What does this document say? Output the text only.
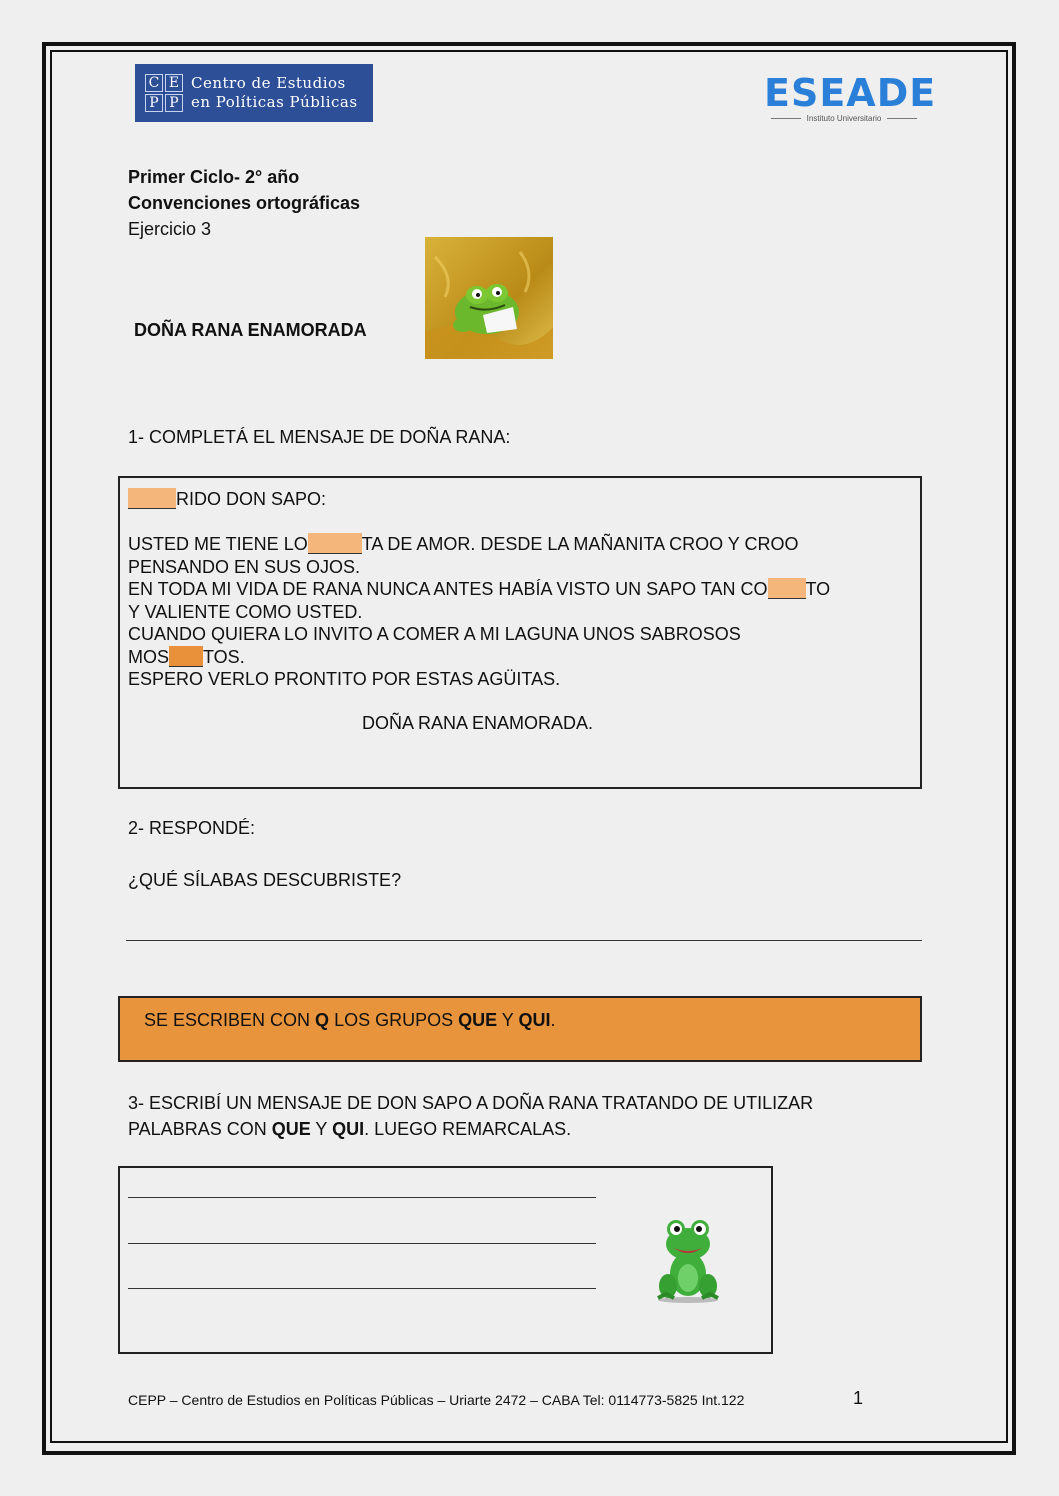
C E
P P
Centro de Estudios
en Políticas Públicas	ESEADE
Instituto Universitario
Primer Ciclo- 2° año
Convenciones ortográficas
Ejercicio 3
DOÑA RANA ENAMORADA
1- COMPLETÁ EL MENSAJE DE DOÑA RANA:
RIDO DON SAPO:
USTED ME TIENE LO	TA DE AMOR. DESDE LA MAÑANITA CROO Y CROO
PENSANDO EN SUS OJOS.
EN TODA MI VIDA DE RANA NUNCA ANTES HABÍA VISTO UN SAPO TAN CO TO
Y VALIENTE COMO USTED.
CUANDO QUIERA LO INVITO A COMER A MI LAGUNA UNOS SABROSOS
MOS TOS.
ESPERO VERLO PRONTITO POR ESTAS AGÜITAS.
DOÑA RANA ENAMORADA.
2- RESPONDÉ:
¿QUÉ SÍLABAS DESCUBRISTE?
SE ESCRIBEN CON Q LOS GRUPOS QUE Y QUI.
3- ESCRIBÍ UN MENSAJE DE DON SAPO A DOÑA RANA TRATANDO DE UTILIZAR
PALABRAS CON QUE Y QUI. LUEGO REMARCALAS.
CEPP – Centro de Estudios en Políticas Públicas – Uriarte 2472 – CABA Tel: 0114773-5825 Int.122	1
